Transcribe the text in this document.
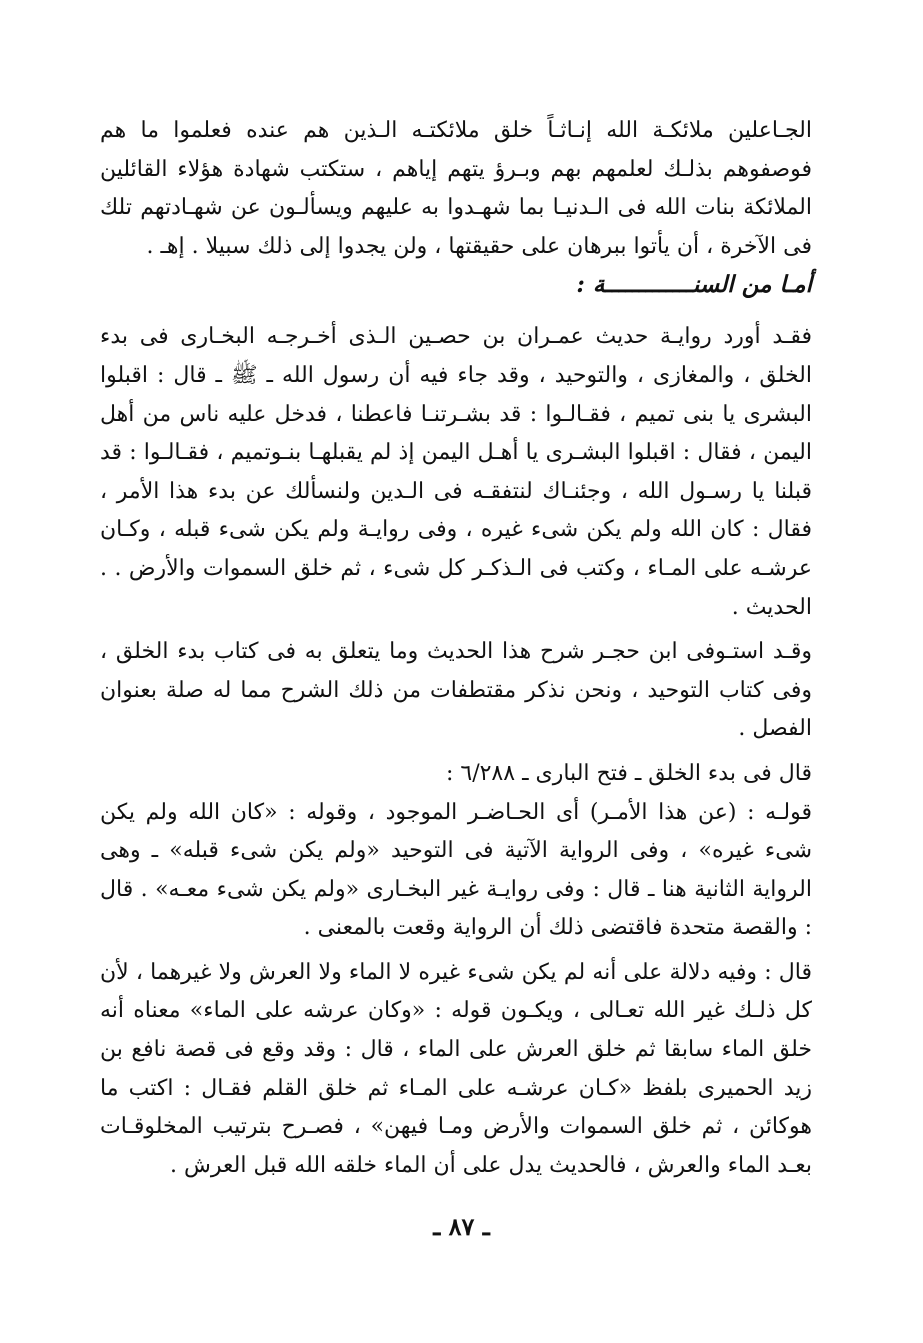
الجـاعلين ملائكـة الله إنـاثـاً خلق ملائكتـه الـذين هم عنده فعلموا ما هم فوصفوهم بذلـك لعلمهم بهم وبـرؤ يتهم إياهم ، ستكتب شهادة هؤلاء القائلين الملائكة بنات الله فى الـدنيـا بما شهـدوا به عليهم ويسألـون عن شهـادتهم تلك فى الآخرة ، أن يأتوا ببرهان على حقيقتها ، ولن يجدوا إلى ذلك سبيلا . إهـ .

أمـا من السنـــــــــــــة :

فقـد أورد روايـة حديث عمـران بن حصـين الـذى أخـرجـه البخـارى فى بدء الخلق ، والمغازى ، والتوحيد ، وقد جاء فيه أن رسول الله ـ ﷺ ـ قال : اقبلوا البشرى يا بنى تميم ، فقـالـوا : قد بشـرتنـا فاعطنا ، فدخل عليه ناس من أهل اليمن ، فقال : اقبلوا البشـرى يا أهـل اليمن إذ لم يقبلهـا بنـوتميم ، فقـالـوا : قد قبلنا يا رسـول الله ، وجئنـاك لنتفقـه فى الـدين ولنسألك عن بدء هذا الأمر ، فقال : كان الله ولم يكن شىء غيره ، وفى روايـة ولم يكن شىء قبله ، وكـان عرشـه على المـاء ، وكتب فى الـذكـر كل شىء ، ثم خلق السموات والأرض . . الحديث .

وقـد استـوفى ابن حجـر شرح هذا الحديث وما يتعلق به فى كتاب بدء الخلق ، وفى كتاب التوحيد ، ونحن نذكر مقتطفات من ذلك الشرح مما له صلة بعنوان الفصل .

قال فى بدء الخلق ـ فتح البارى ـ ٦/٢٨٨ :

قولـه : (عن هذا الأمـر) أى الحـاضـر الموجود ، وقوله : «كان الله ولم يكن شىء غيره» ، وفى الرواية الآتية فى التوحيد «ولم يكن شىء قبله» ـ وهى الرواية الثانية هنا ـ قال : وفى روايـة غير البخـارى «ولم يكن شىء معـه» . قال : والقصة متحدة فاقتضى ذلك أن الرواية وقعت بالمعنى .

قال : وفيه دلالة على أنه لم يكن شىء غيره لا الماء ولا العرش ولا غيرهما ، لأن كل ذلـك غير الله تعـالى ، ويكـون قوله : «وكان عرشه على الماء» معناه أنه خلق الماء سابقا ثم خلق العرش على الماء ، قال : وقد وقع فى قصة نافع بن زيد الحميرى بلفظ «كـان عرشـه على المـاء ثم خلق القلم فقـال : اكتب ما هوكائن ، ثم خلق السموات والأرض ومـا فيهن» ، فصـرح بترتيب المخلوقـات بعـد الماء والعرش ، فالحديث يدل على أن الماء خلقه الله قبل العرش .

ـ ٨٧ ـ
